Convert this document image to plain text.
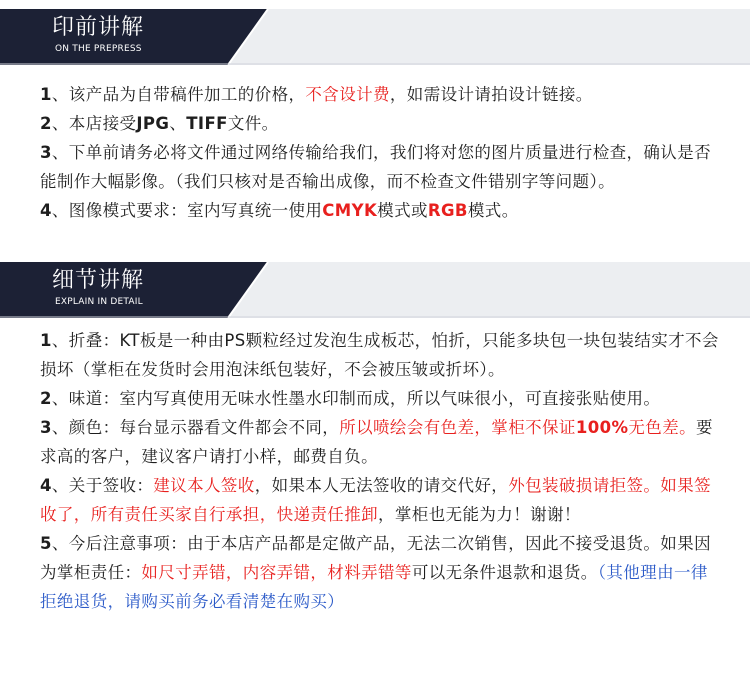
印前讲解
ON THE PREPRESS
1、该产品为自带稿件加工的价格，不含设计费，如需设计请拍设计链接。
2、本店接受JPG、TIFF文件。
3、下单前请务必将文件通过网络传输给我们，我们将对您的图片质量进行检查，确认是否能制作大幅影像。（我们只核对是否输出成像，而不检查文件错别字等问题）。
4、图像模式要求：室内写真统一使用CMYK模式或RGB模式。
细节讲解
EXPLAIN IN DETAIL
1、折叠：KT板是一种由PS颗粒经过发泡生成板芯，怕折，只能多块包一块包装结实才不会损坏（掌柜在发货时会用泡沫纸包装好，不会被压皱或折坏）。
2、味道：室内写真使用无味水性墨水印制而成，所以气味很小，可直接张贴使用。
3、颜色：每台显示器看文件都会不同，所以喷绘会有色差，掌柜不保证100%无色差。要求高的客户，建议客户请打小样，邮费自负。
4、关于签收：建议本人签收，如果本人无法签收的请交代好，外包装破损请拒签。如果签收了，所有责任买家自行承担，快递责任推卸，掌柜也无能为力！谢谢！
5、今后注意事项：由于本店产品都是定做产品，无法二次销售，因此不接受退货。如果因为掌柜责任：如尺寸弄错，内容弄错，材料弄错等可以无条件退款和退货。（其他理由一律拒绝退货，请购买前务必看清楚在购买）
